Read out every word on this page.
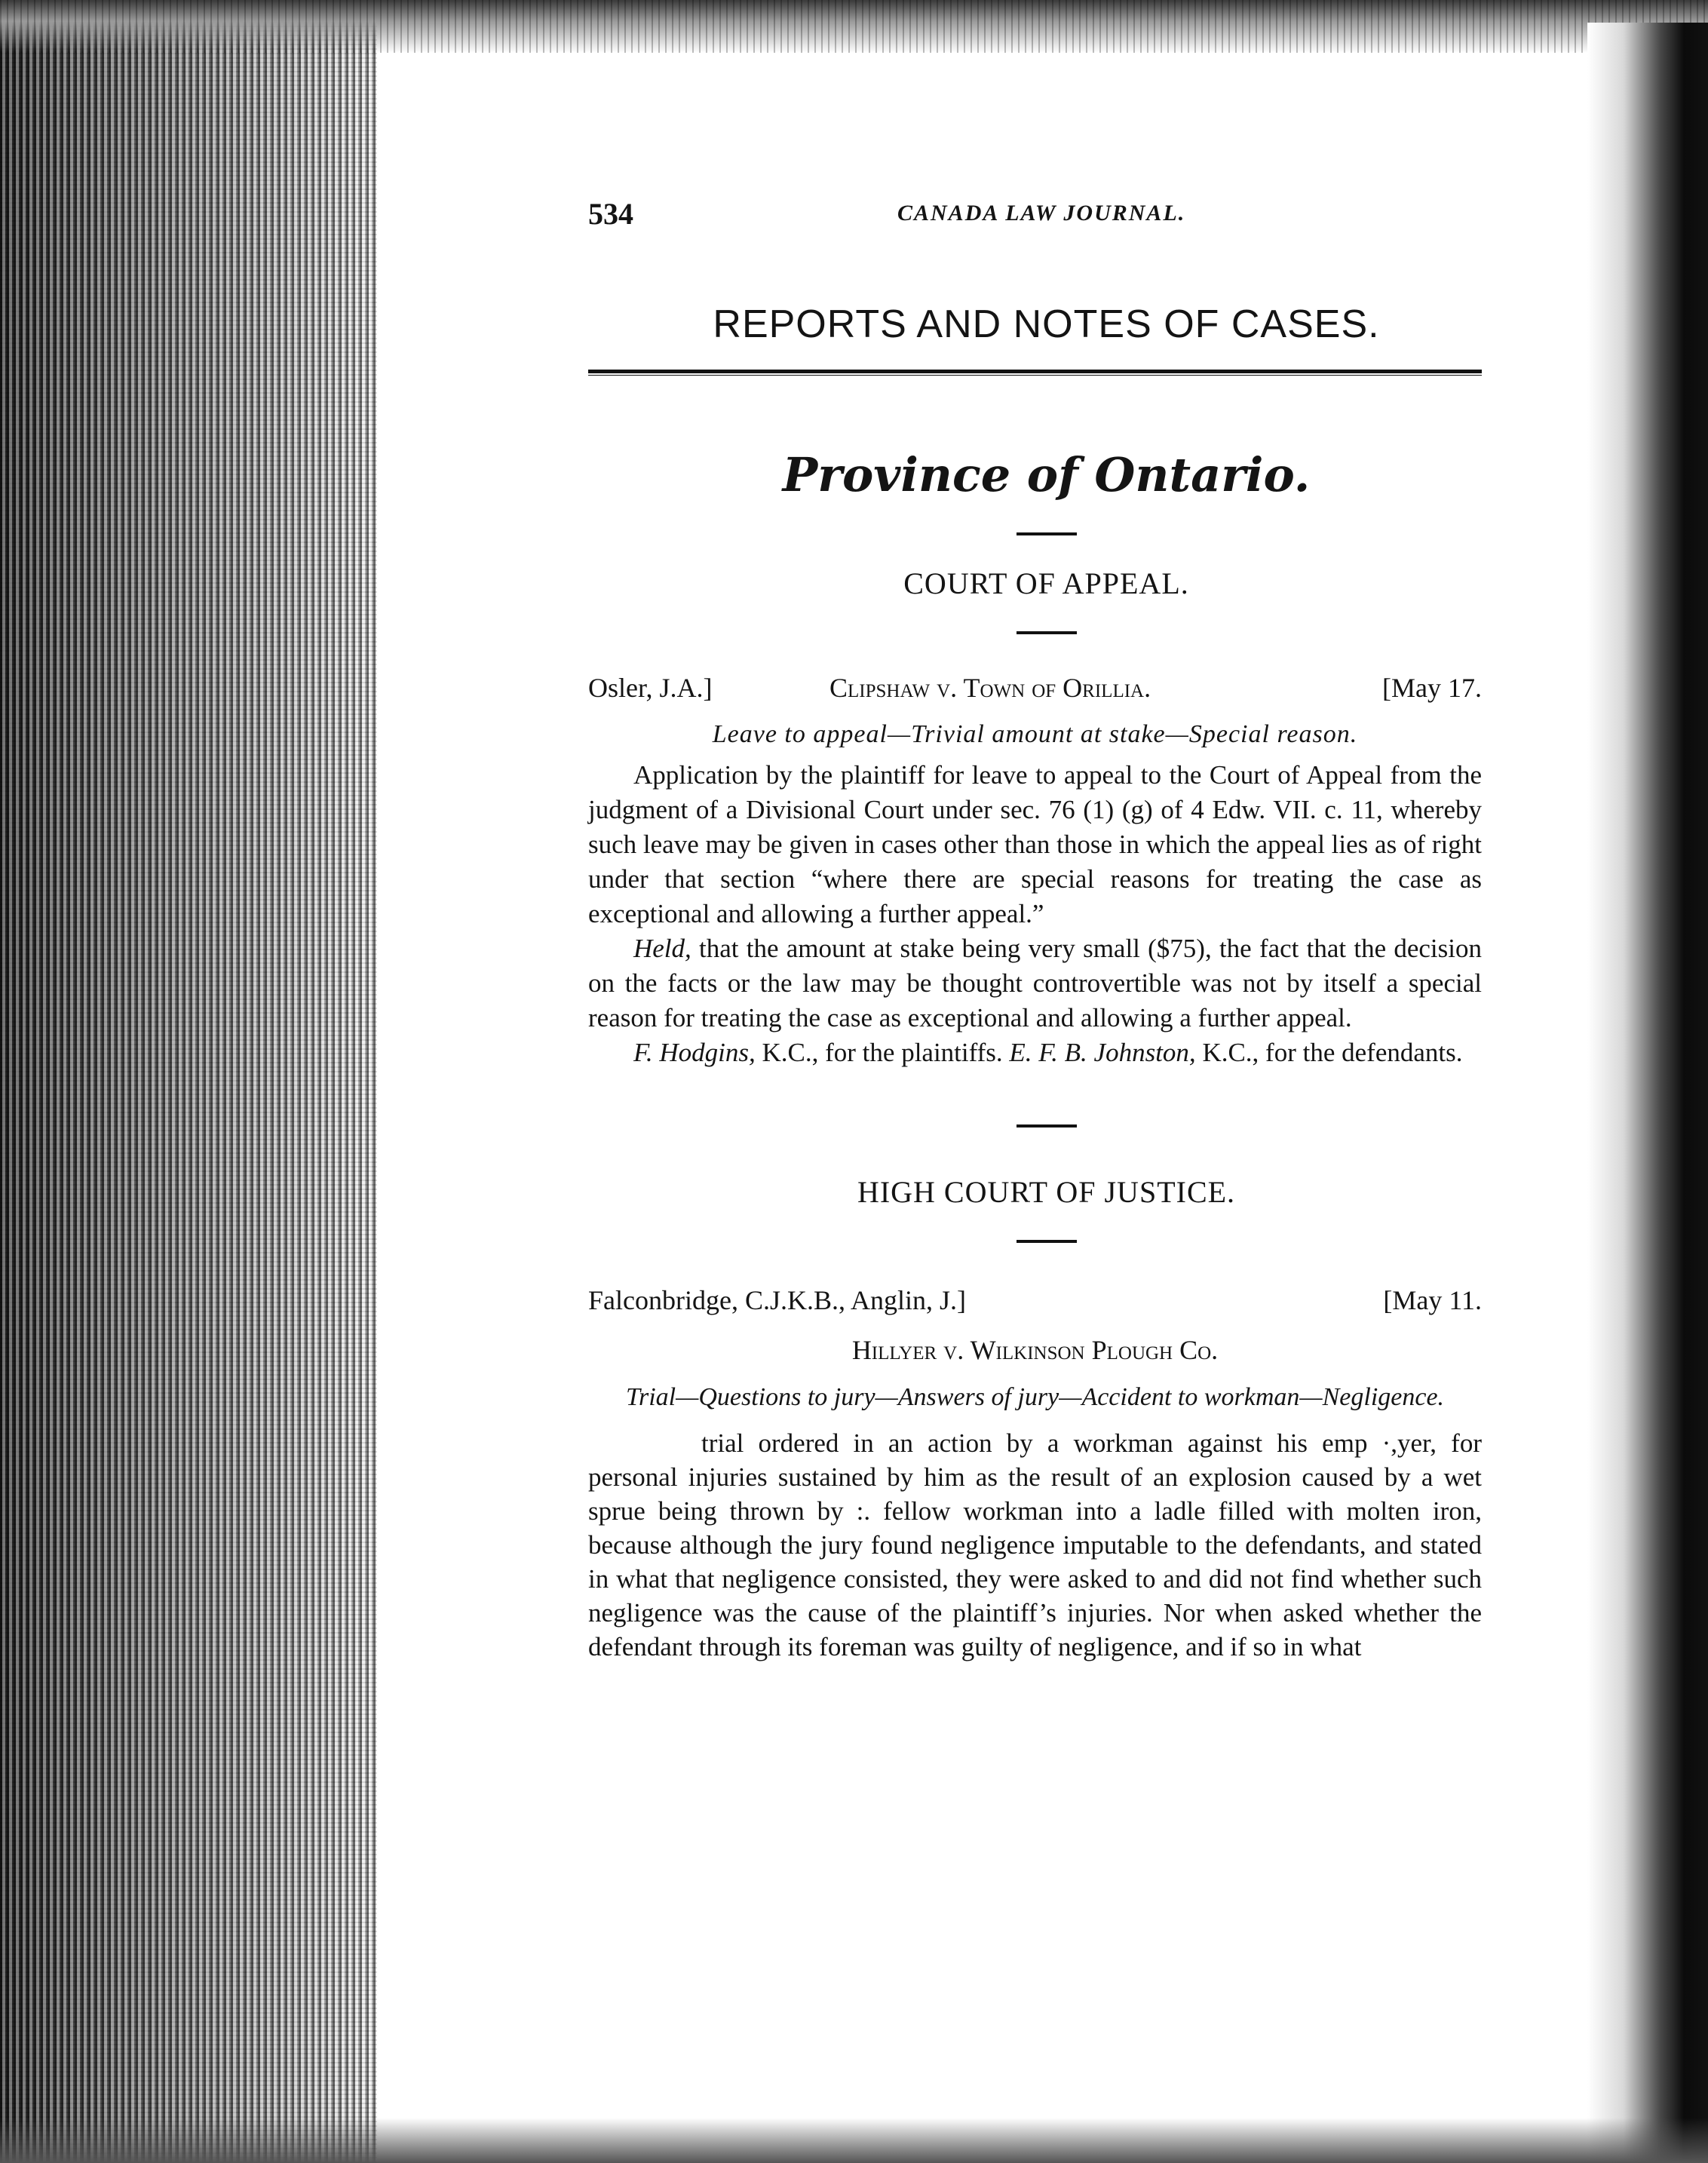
534	CANADA LAW JOURNAL.
REPORTS AND NOTES OF CASES.
Province of Ontario.
COURT OF APPEAL.
Osler, J.A.]	Clipshaw v. Town of Orillia.	[May 17.
Leave to appeal—Trivial amount at stake—Special reason.

Application by the plaintiff for leave to appeal to the Court of Appeal from the judgment of a Divisional Court under sec. 76 (1) (g) of 4 Edw. VII. c. 11, whereby such leave may be given in cases other than those in which the appeal lies as of right under that section “where there are special reasons for treating the case as exceptional and allowing a further appeal.”

Held, that the amount at stake being very small ($75), the fact that the decision on the facts or the law may be thought controvertible was not by itself a special reason for treating the case as exceptional and allowing a further appeal.

F. Hodgins, K.C., for the plaintiffs. E. F. B. Johnston, K.C., for the defendants.

HIGH COURT OF JUSTICE.
Falconbridge, C.J.K.B., Anglin, J.]	[May 11.
Hillyer v. Wilkinson Plough Co.
Trial—Questions to jury—Answers of jury—Accident to workman—Negligence.

trial ordered in an action by a workman against his emp ·,yer, for personal injuries sustained by him as the result of an explosion caused by a wet sprue being thrown by :. fellow workman into a ladle filled with molten iron, because although the jury found negligence imputable to the defendants, and stated in what that negligence consisted, they were asked to and did not find whether such negligence was the cause of the plaintiff’s injuries. Nor when asked whether the defendant through its foreman was guilty of negligence, and if so in what
